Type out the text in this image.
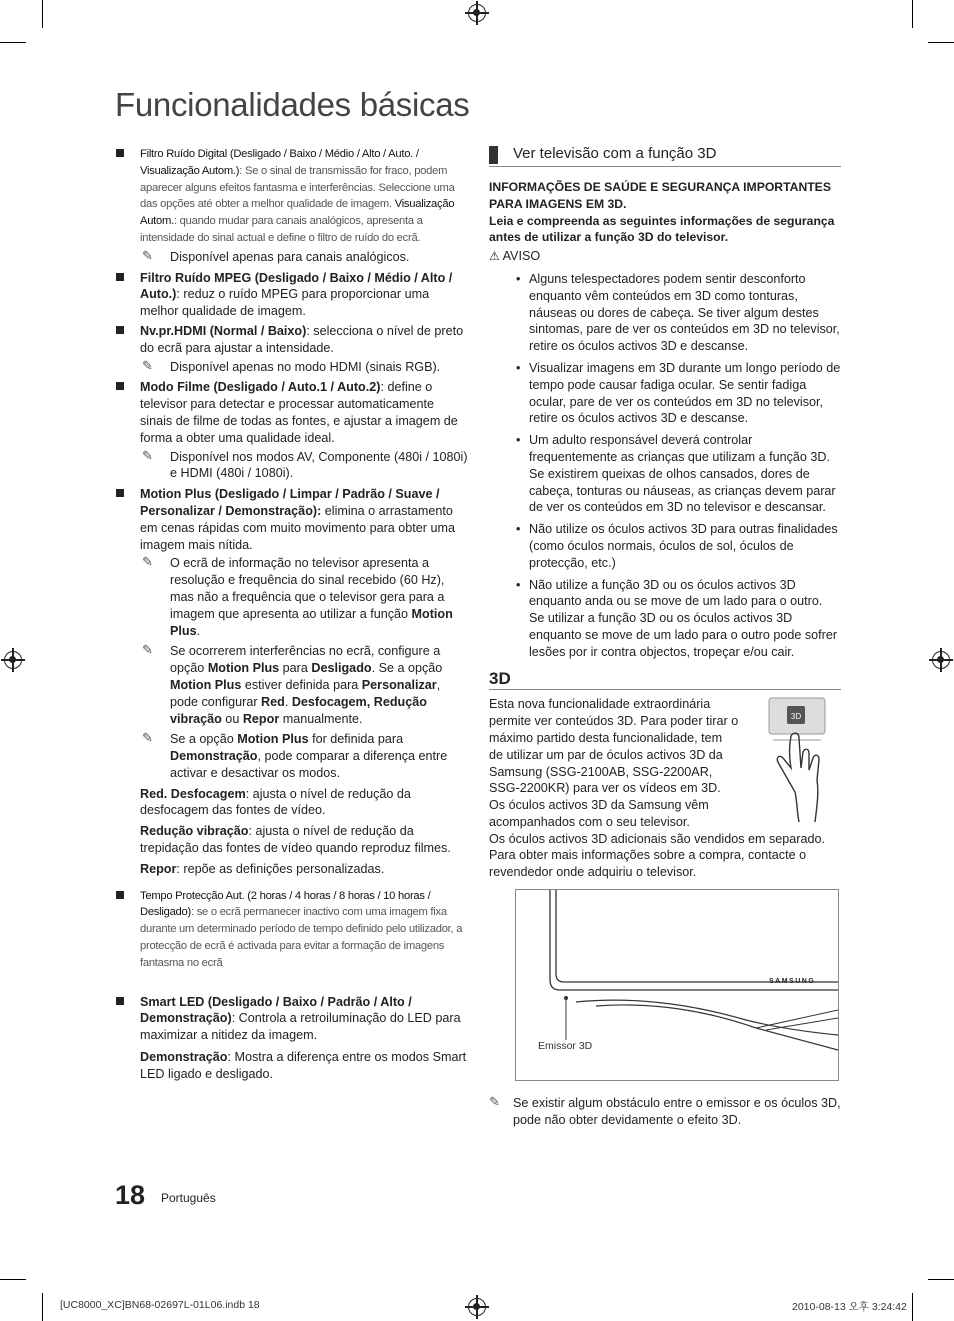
Funcionalidades básicas
Filtro Ruído Digital (Desligado / Baixo / Médio / Alto / Auto. / Visualização Autom.): Se o sinal de transmissão for fraco, podem aparecer alguns efeitos fantasma e interferências. Seleccione uma das opções até obter a melhor qualidade de imagem. Visualização Autom.: quando mudar para canais analógicos, apresenta a intensidade do sinal actual e define o filtro de ruído do ecrã.
✎ Disponível apenas para canais analógicos.
Filtro Ruído MPEG (Desligado / Baixo / Médio / Alto / Auto.): reduz o ruído MPEG para proporcionar uma melhor qualidade de imagem.
Nv.pr.HDMI (Normal / Baixo): selecciona o nível de preto do ecrã para ajustar a intensidade.
✎ Disponível apenas no modo HDMI (sinais RGB).
Modo Filme (Desligado / Auto.1 / Auto.2): define o televisor para detectar e processar automaticamente sinais de filme de todas as fontes, e ajustar a imagem de forma a obter uma qualidade ideal.
✎ Disponível nos modos AV, Componente (480i / 1080i) e HDMI (480i / 1080i).
Motion Plus (Desligado / Limpar / Padrão / Suave / Personalizar / Demonstração): elimina o arrastamento em cenas rápidas com muito movimento para obter uma imagem mais nítida.
✎ O ecrã de informação no televisor apresenta a resolução e frequência do sinal recebido (60 Hz), mas não a frequência que o televisor gera para a imagem que apresenta ao utilizar a função Motion Plus.
✎ Se ocorrerem interferências no ecrã, configure a opção Motion Plus para Desligado. Se a opção Motion Plus estiver definida para Personalizar, pode configurar Red. Desfocagem, Redução vibração ou Repor manualmente.
✎ Se a opção Motion Plus for definida para Demonstração, pode comparar a diferença entre activar e desactivar os modos.
Red. Desfocagem: ajusta o nível de redução da desfocagem das fontes de vídeo.
Redução vibração: ajusta o nível de redução da trepidação das fontes de vídeo quando reproduz filmes.
Repor: repõe as definições personalizadas.
Tempo Protecção Aut. (2 horas / 4 horas / 8 horas / 10 horas / Desligado): se o ecrã permanecer inactivo com uma imagem fixa durante um determinado período de tempo definido pelo utilizador, a protecção de ecrã é activada para evitar a formação de imagens fantasma no ecrã
Smart LED (Desligado / Baixo / Padrão / Alto / Demonstração): Controla a retroiluminação do LED para maximizar a nitidez da imagem.
Demonstração: Mostra a diferença entre os modos Smart LED ligado e desligado.
Ver televisão com a função 3D
INFORMAÇÕES DE SAÚDE E SEGURANÇA IMPORTANTES PARA IMAGENS EM 3D.
Leia e compreenda as seguintes informações de segurança antes de utilizar a função 3D do televisor.
⚠ AVISO
• Alguns telespectadores podem sentir desconforto enquanto vêm conteúdos em 3D como tonturas, náuseas ou dores de cabeça. Se tiver algum destes sintomas, pare de ver os conteúdos em 3D no televisor, retire os óculos activos 3D e descanse.
• Visualizar imagens em 3D durante um longo período de tempo pode causar fadiga ocular. Se sentir fadiga ocular, pare de ver os conteúdos em 3D no televisor, retire os óculos activos 3D e descanse.
• Um adulto responsável deverá controlar frequentemente as crianças que utilizam a função 3D. Se existirem queixas de olhos cansados, dores de cabeça, tonturas ou náuseas, as crianças devem parar de ver os conteúdos em 3D no televisor e descansar.
• Não utilize os óculos activos 3D para outras finalidades (como óculos normais, óculos de sol, óculos de protecção, etc.)
• Não utilize a função 3D ou os óculos activos 3D enquanto anda ou se move de um lado para o outro. Se utilizar a função 3D ou os óculos activos 3D enquanto se move de um lado para o outro pode sofrer lesões por ir contra objectos, tropeçar e/ou cair.
3D
Esta nova funcionalidade extraordinária permite ver conteúdos 3D. Para poder tirar o máximo partido desta funcionalidade, tem de utilizar um par de óculos activos 3D da Samsung (SSG-2100AB, SSG-2200AR, SSG-2200KR) para ver os vídeos em 3D. Os óculos activos 3D da Samsung vêm acompanhados com o seu televisor.
3D
Os óculos activos 3D adicionais são vendidos em separado. Para obter mais informações sobre a compra, contacte o revendedor onde adquiriu o televisor.
SAMSUNG
Emissor 3D
✎ Se existir algum obstáculo entre o emissor e os óculos 3D, pode não obter devidamente o efeito 3D.
18 Português
[UC8000_XC]BN68-02697L-01L06.indb 18	2010-08-13 오후 3:24:42
